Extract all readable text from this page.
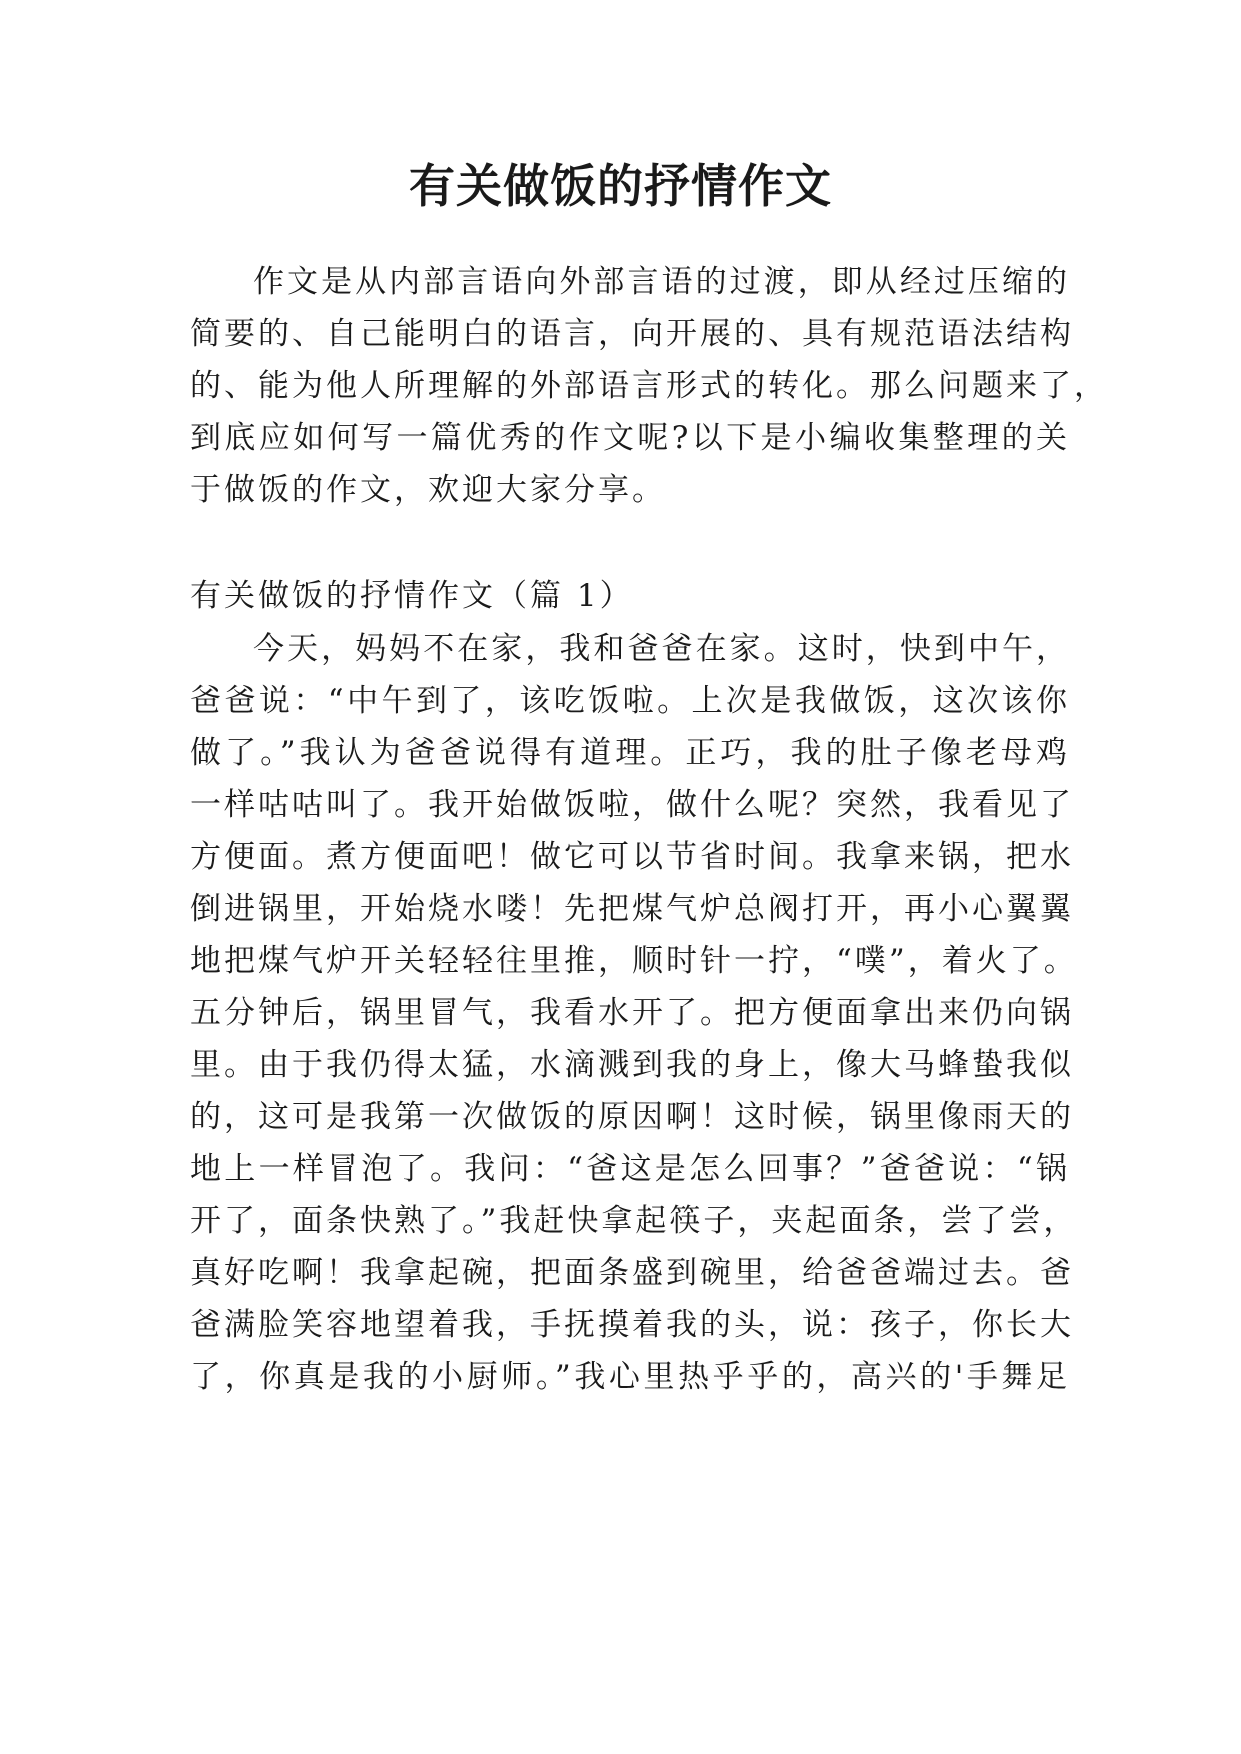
有关做饭的抒情作文

作文是从内部言语向外部言语的过渡，即从经过压缩的

简要的、自己能明白的语言，向开展的、具有规范语法结构

的、能为他人所理解的外部语言形式的转化。那么问题来了，

到底应如何写一篇优秀的作文呢?以下是小编收集整理的关

于做饭的作文，欢迎大家分享。

有关做饭的抒情作文（篇 1）

今天，妈妈不在家，我和爸爸在家。这时，快到中午，

爸爸说：“中午到了，该吃饭啦。上次是我做饭，这次该你

做了。”我认为爸爸说得有道理。正巧，我的肚子像老母鸡

一样咕咕叫了。我开始做饭啦，做什么呢？突然，我看见了

方便面。煮方便面吧！做它可以节省时间。我拿来锅，把水

倒进锅里，开始烧水喽！先把煤气炉总阀打开，再小心翼翼

地把煤气炉开关轻轻往里推，顺时针一拧，“噗”，着火了。

五分钟后，锅里冒气，我看水开了。把方便面拿出来仍向锅

里。由于我仍得太猛，水滴溅到我的身上，像大马蜂蛰我似

的，这可是我第一次做饭的原因啊！这时候，锅里像雨天的

地上一样冒泡了。我问：“爸这是怎么回事？”爸爸说：“锅

开了，面条快熟了。”我赶快拿起筷子，夹起面条，尝了尝，

真好吃啊！我拿起碗，把面条盛到碗里，给爸爸端过去。爸

爸满脸笑容地望着我，手抚摸着我的头，说：孩子，你长大

了，你真是我的小厨师。”我心里热乎乎的，高兴的'手舞足
